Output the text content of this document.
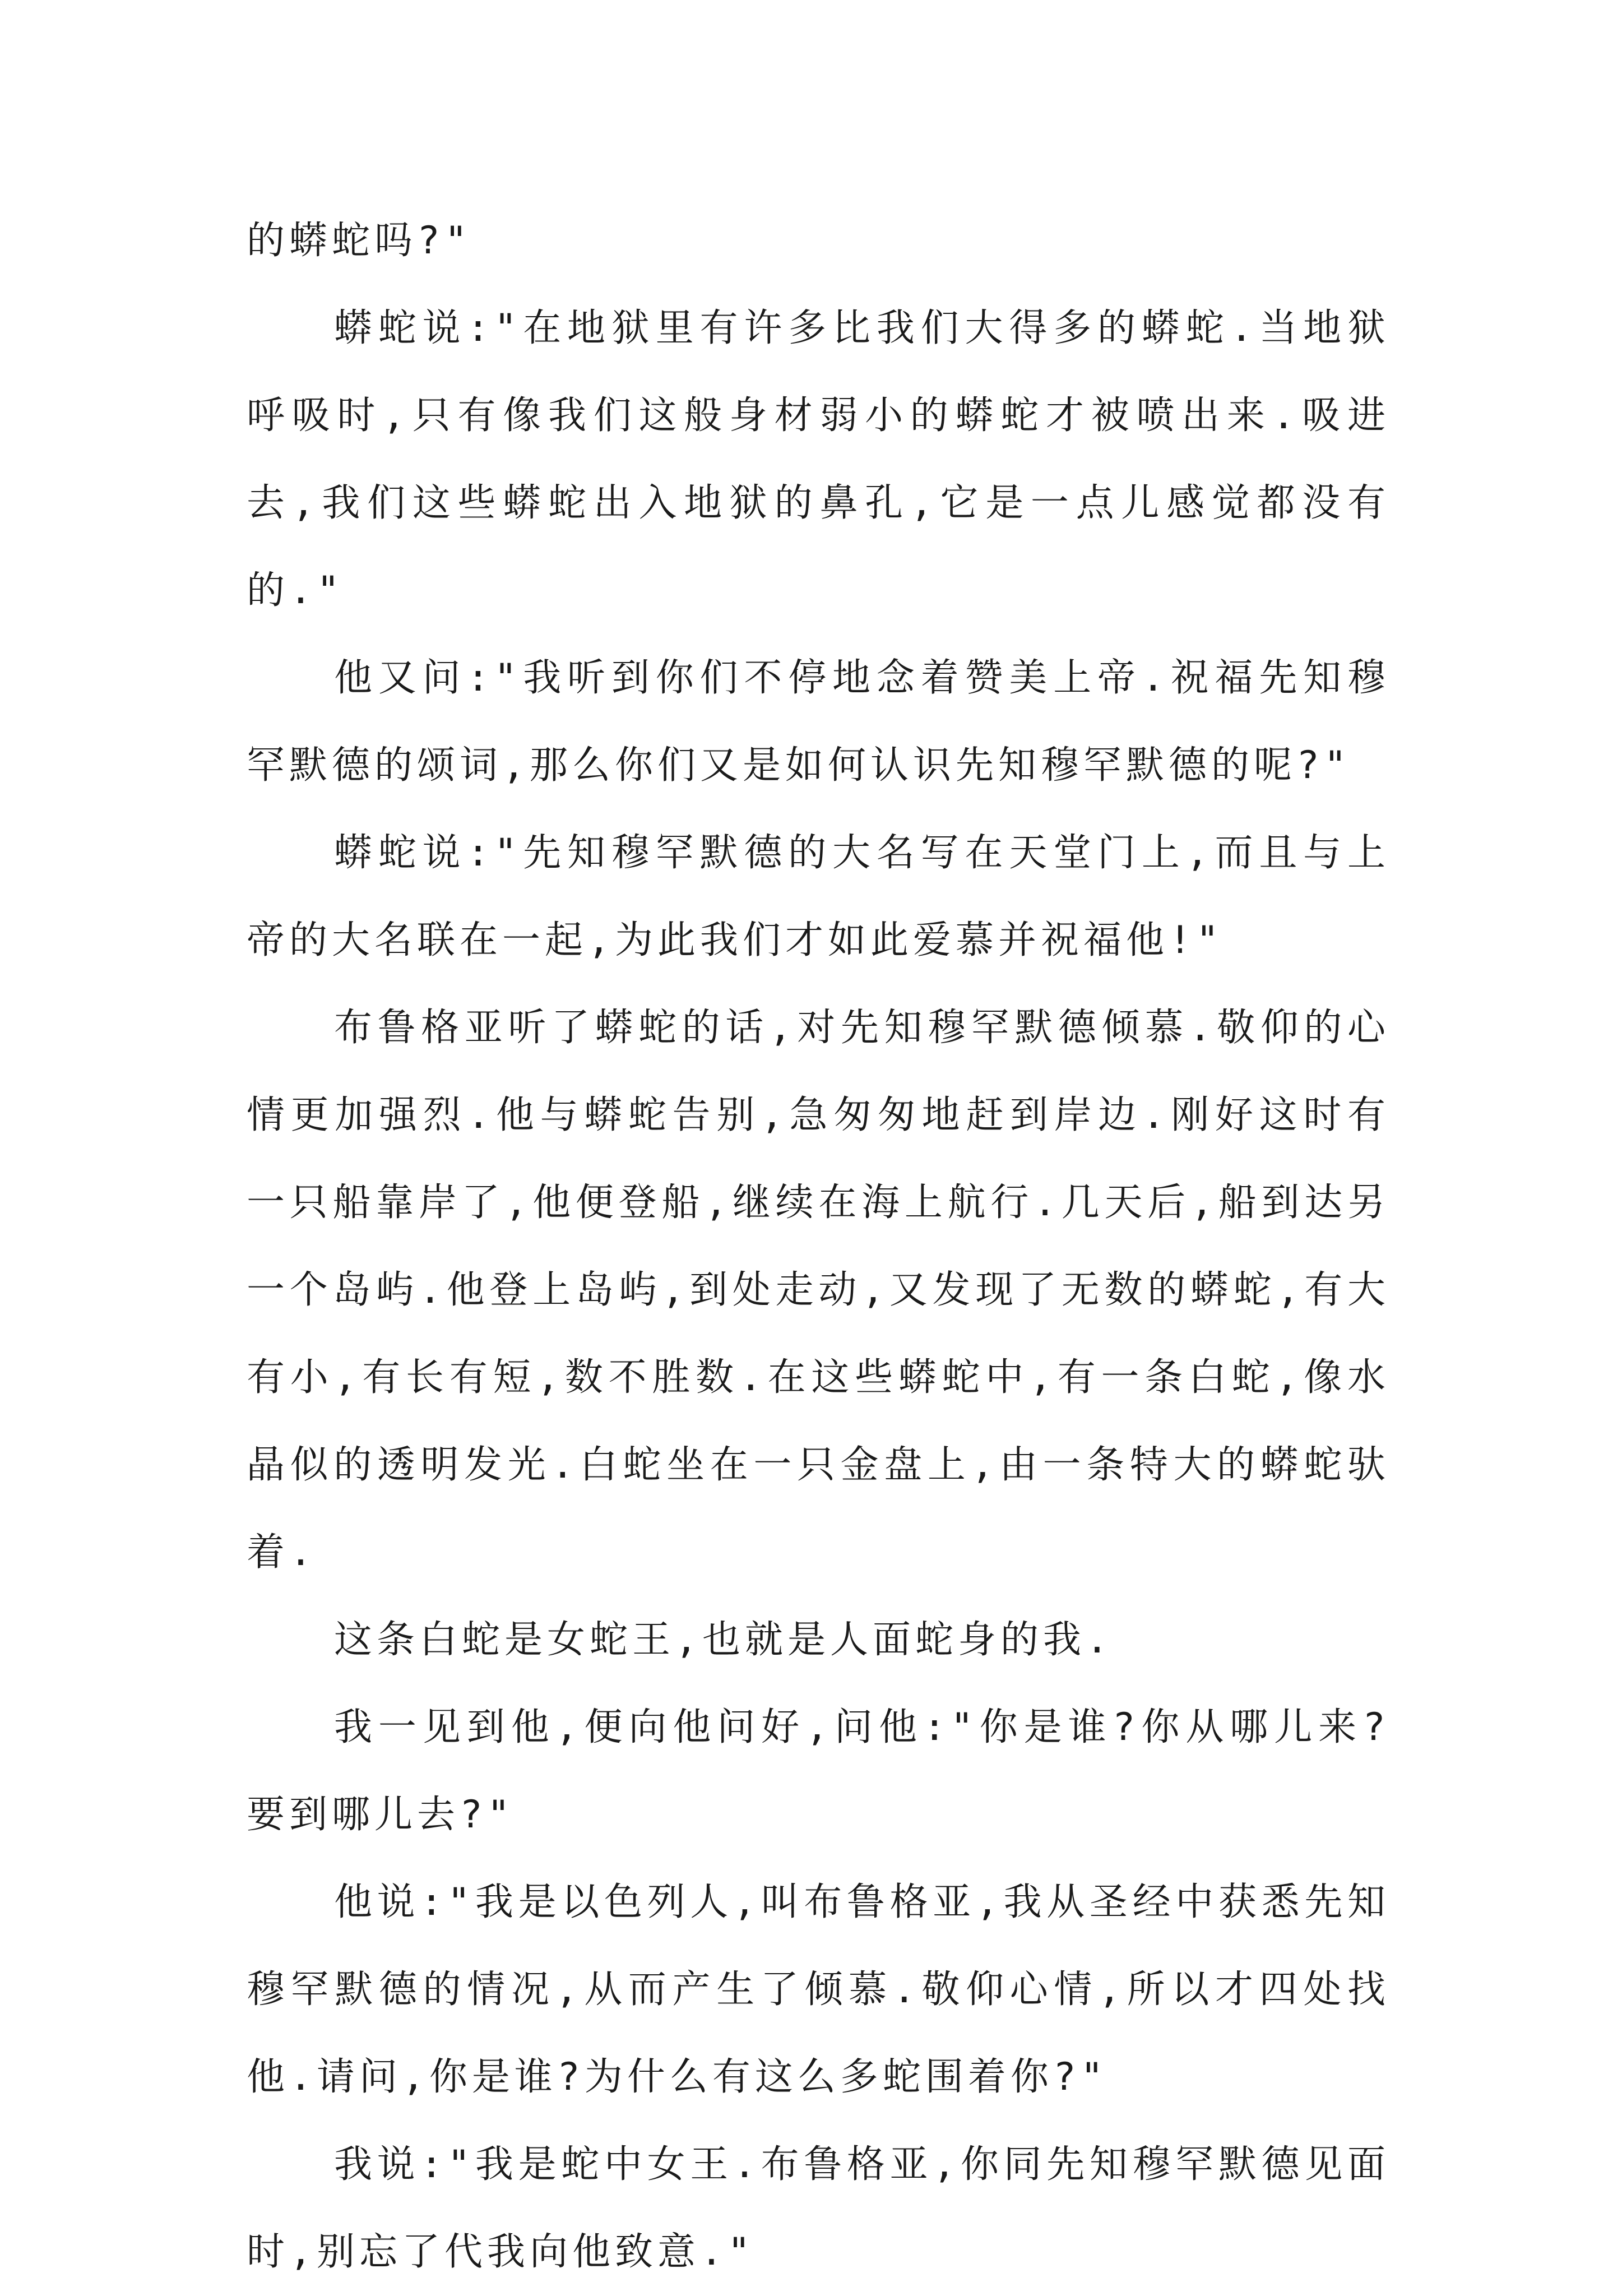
的蟒蛇吗?"

蟒蛇说:"在地狱里有许多比我们大得多的蟒蛇.当地狱呼吸时,只有像我们这般身材弱小的蟒蛇才被喷出来.吸进去,我们这些蟒蛇出入地狱的鼻孔,它是一点儿感觉都没有的."

他又问:"我听到你们不停地念着赞美上帝.祝福先知穆罕默德的颂词,那么你们又是如何认识先知穆罕默德的呢?"

蟒蛇说:"先知穆罕默德的大名写在天堂门上,而且与上帝的大名联在一起,为此我们才如此爱慕并祝福他!"

布鲁格亚听了蟒蛇的话,对先知穆罕默德倾慕.敬仰的心情更加强烈.他与蟒蛇告别,急匆匆地赶到岸边.刚好这时有一只船靠岸了,他便登船,继续在海上航行.几天后,船到达另一个岛屿.他登上岛屿,到处走动,又发现了无数的蟒蛇,有大有小,有长有短,数不胜数.在这些蟒蛇中,有一条白蛇,像水晶似的透明发光.白蛇坐在一只金盘上,由一条特大的蟒蛇驮着.

这条白蛇是女蛇王,也就是人面蛇身的我.

我一见到他,便向他问好,问他:"你是谁?你从哪儿来?要到哪儿去?"

他说:"我是以色列人,叫布鲁格亚,我从圣经中获悉先知穆罕默德的情况,从而产生了倾慕.敬仰心情,所以才四处找他.请问,你是谁?为什么有这么多蛇围着你?"

我说:"我是蛇中女王.布鲁格亚,你同先知穆罕默德见面时,别忘了代我向他致意."
